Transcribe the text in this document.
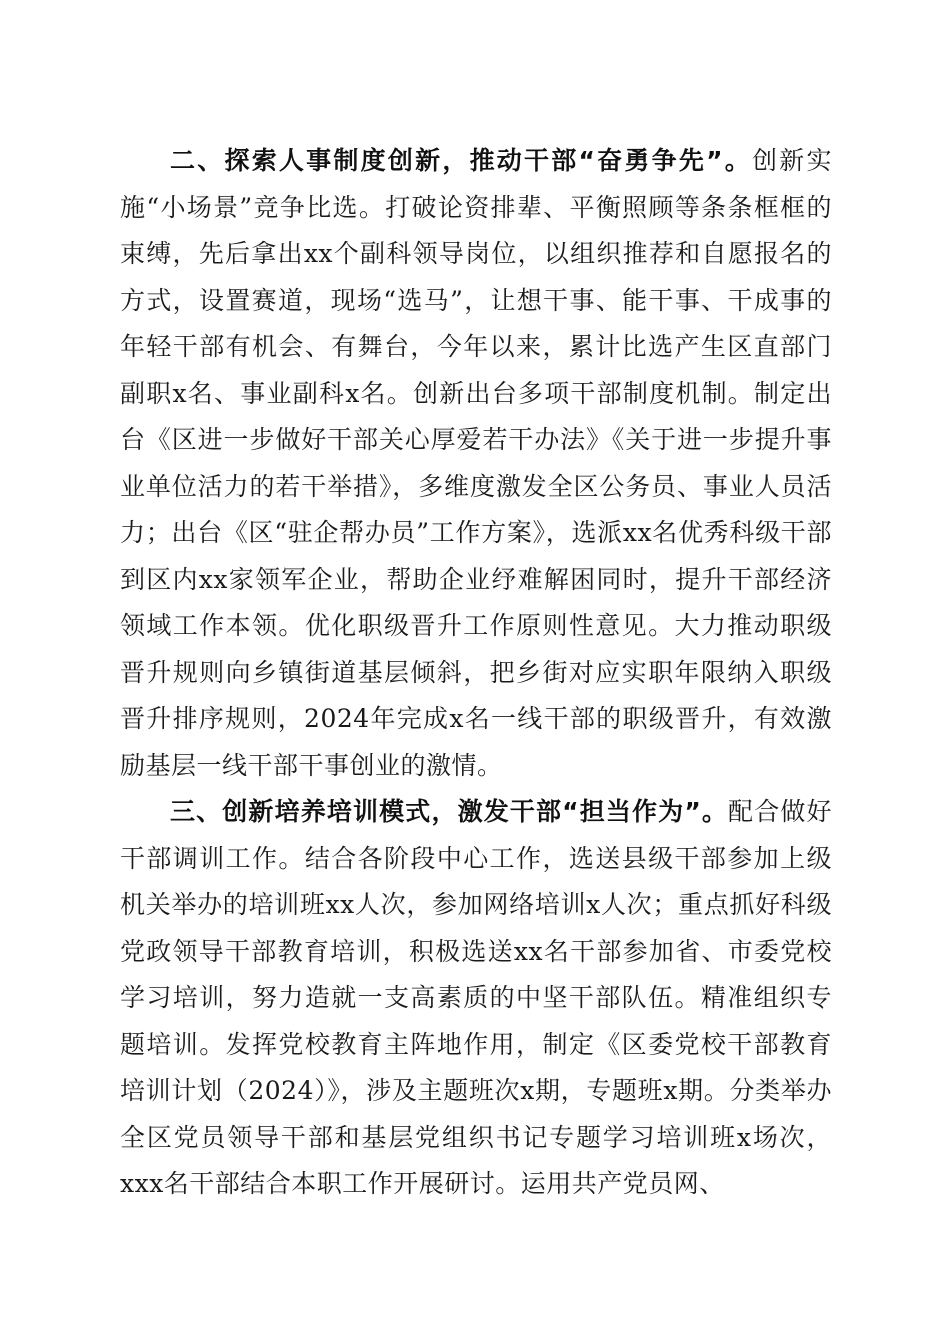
二、探索人事制度创新，推动干部“奋勇争先”。创新实施“小场景”竞争比选。打破论资排辈、平衡照顾等条条框框的束缚，先后拿出xx个副科领导岗位，以组织推荐和自愿报名的方式，设置赛道，现场“选马”，让想干事、能干事、干成事的年轻干部有机会、有舞台，今年以来，累计比选产生区直部门副职x名、事业副科x名。创新出台多项干部制度机制。制定出台《区进一步做好干部关心厚爱若干办法》《关于进一步提升事业单位活力的若干举措》，多维度激发全区公务员、事业人员活力；出台《区“驻企帮办员”工作方案》，选派xx名优秀科级干部到区内xx家领军企业，帮助企业纾难解困同时，提升干部经济领域工作本领。优化职级晋升工作原则性意见。大力推动职级晋升规则向乡镇街道基层倾斜，把乡街对应实职年限纳入职级晋升排序规则，2024年完成x名一线干部的职级晋升，有效激励基层一线干部干事创业的激情。

三、创新培养培训模式，激发干部“担当作为”。配合做好干部调训工作。结合各阶段中心工作，选送县级干部参加上级机关举办的培训班xx人次，参加网络培训x人次；重点抓好科级党政领导干部教育培训，积极选送xx名干部参加省、市委党校学习培训，努力造就一支高素质的中坚干部队伍。精准组织专题培训。发挥党校教育主阵地作用，制定《区委党校干部教育培训计划（2024）》，涉及主题班次x期，专题班x期。分类举办全区党员领导干部和基层党组织书记专题学习培训班x场次，xxx名干部结合本职工作开展研讨。运用共产党员网、
